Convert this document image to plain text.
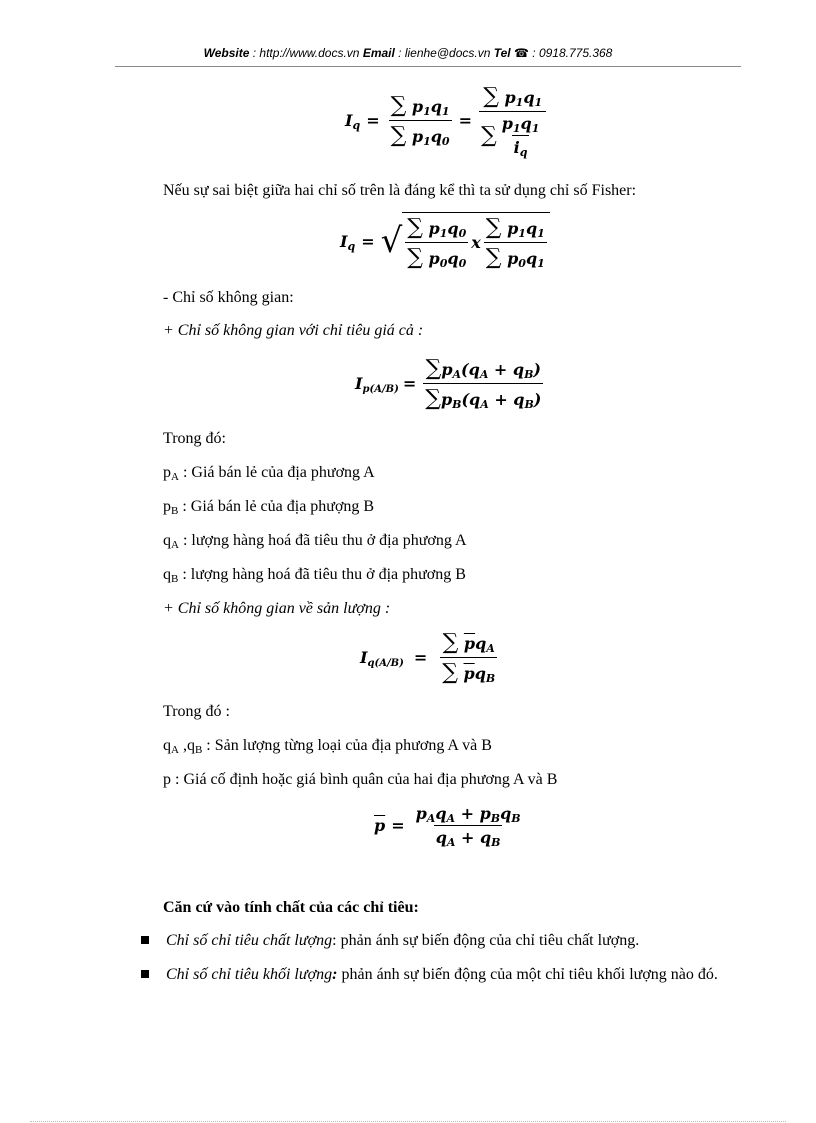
Website : http://www.docs.vn Email : lienhe@docs.vn Tel ☎ : 0918.775.368
$I_q = \frac{\sum p_1q_1}{\sum p_1q_0} = \frac{\sum p_1q_1}{\sum \frac{p_1q_1}{i_q}}$
Nếu sự sai biệt giữa hai chỉ số trên là đáng kể thì ta sử dụng chỉ số Fisher:
$I_q$ = √ $\frac{\sum p_1q_0}{\sum p_0q_0}$ x $\frac{\sum p_1q_1}{\sum p_0q_1}$
- Chỉ số không gian:
+ Chỉ số không gian với chỉ tiêu giá cả :
$I_{p(A/B)} = \frac{\sum p_A(q_A + q_B)}{\sum p_B(q_A + q_B)}$
Trong đó:
$p_A$ : Giá bán lẻ của địa phương A
$p_B$ : Giá bán lẻ của địa phượng B
$q_A$ : lượng hàng hoá đã tiêu thu ở địa phương A
$q_B$ : lượng hàng hoá đã tiêu thu ở địa phương B
+ Chỉ số không gian về sản lượng :
$I_{q(A/B)} = \frac{\sum \overline{p}q_A}{\sum \overline{p}q_B}$
Trong đó :
$q_A$ $,q_B$ : Sản lượng từng loại của địa phương A và B
p : Giá cố định hoặc giá bình quân của hai địa phương A và B
$\overline{p} = \frac{p_Aq_A + p_Bq_B}{q_A + q_B}$
Căn cứ vào tính chất của các chỉ tiêu:
Chỉ số chỉ tiêu chất lượng: phản ánh sự biến động của chỉ tiêu chất lượng.
Chỉ số chỉ tiêu khối lượng: phản ánh sự biến động của một chỉ tiêu khối lượng nào đó.
